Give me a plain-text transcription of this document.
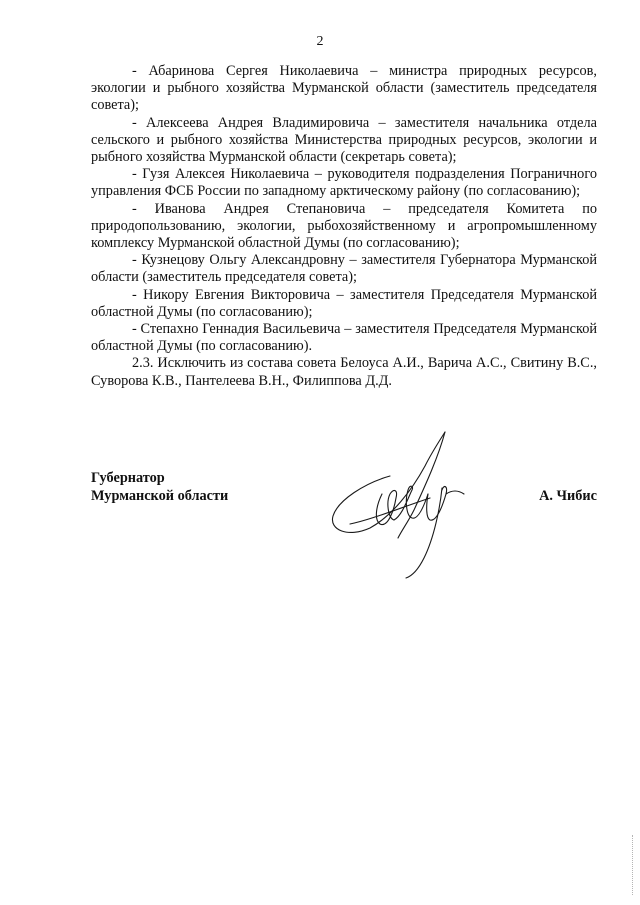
2

- Абаринова Сергея Николаевича – министра природных ресурсов, экологии и рыбного хозяйства Мурманской области (заместитель председателя совета);

- Алексеева Андрея Владимировича – заместителя начальника отдела сельского и рыбного хозяйства Министерства природных ресурсов, экологии и рыбного хозяйства Мурманской области (секретарь совета);

- Гузя Алексея Николаевича – руководителя подразделения Пограничного управления ФСБ России по западному арктическому району (по согласованию);

- Иванова Андрея Степановича – председателя Комитета по природопользованию, экологии, рыбохозяйственному и агропромышленному комплексу Мурманской областной Думы (по согласованию);

- Кузнецову Ольгу Александровну – заместителя Губернатора Мурманской области (заместитель председателя совета);

- Никору Евгения Викторовича – заместителя Председателя Мурманской областной Думы (по согласованию);

- Степахно Геннадия Васильевича – заместителя Председателя Мурманской областной Думы (по согласованию).

2.3. Исключить из состава совета Белоуса А.И., Варича А.С., Свитину В.С., Суворова К.В., Пантелеева В.Н., Филиппова Д.Д.

Губернатор
Мурманской области	А. Чибис
